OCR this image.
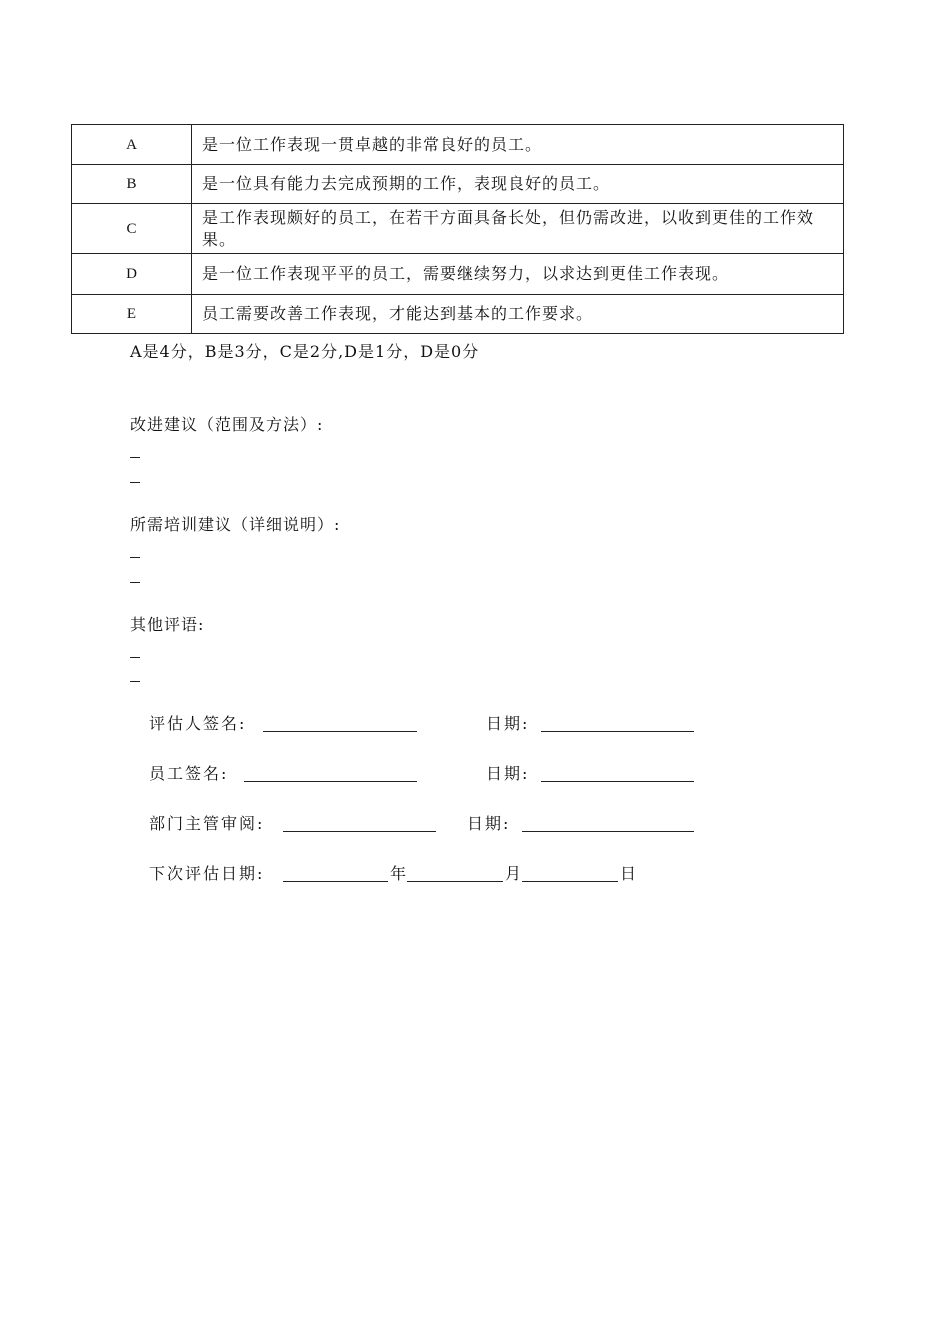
A	是一位工作表现一贯卓越的非常良好的员工。
B	是一位具有能力去完成预期的工作，表现良好的员工。
C	是工作表现颇好的员工，在若干方面具备长处，但仍需改进，以收到更佳的工作效果。
D	是一位工作表现平平的员工，需要继续努力，以求达到更佳工作表现。
E	员工需要改善工作表现，才能达到基本的工作要求。
A是4分，B是3分，C是2分,D是1分，D是0分
改进建议（范围及方法）:
所需培训建议（详细说明）:
其他评语:
评估人签名:	日期:
员工签名:	日期:
部门主管审阅:	日期:
下次评估日期:	年	月	日
